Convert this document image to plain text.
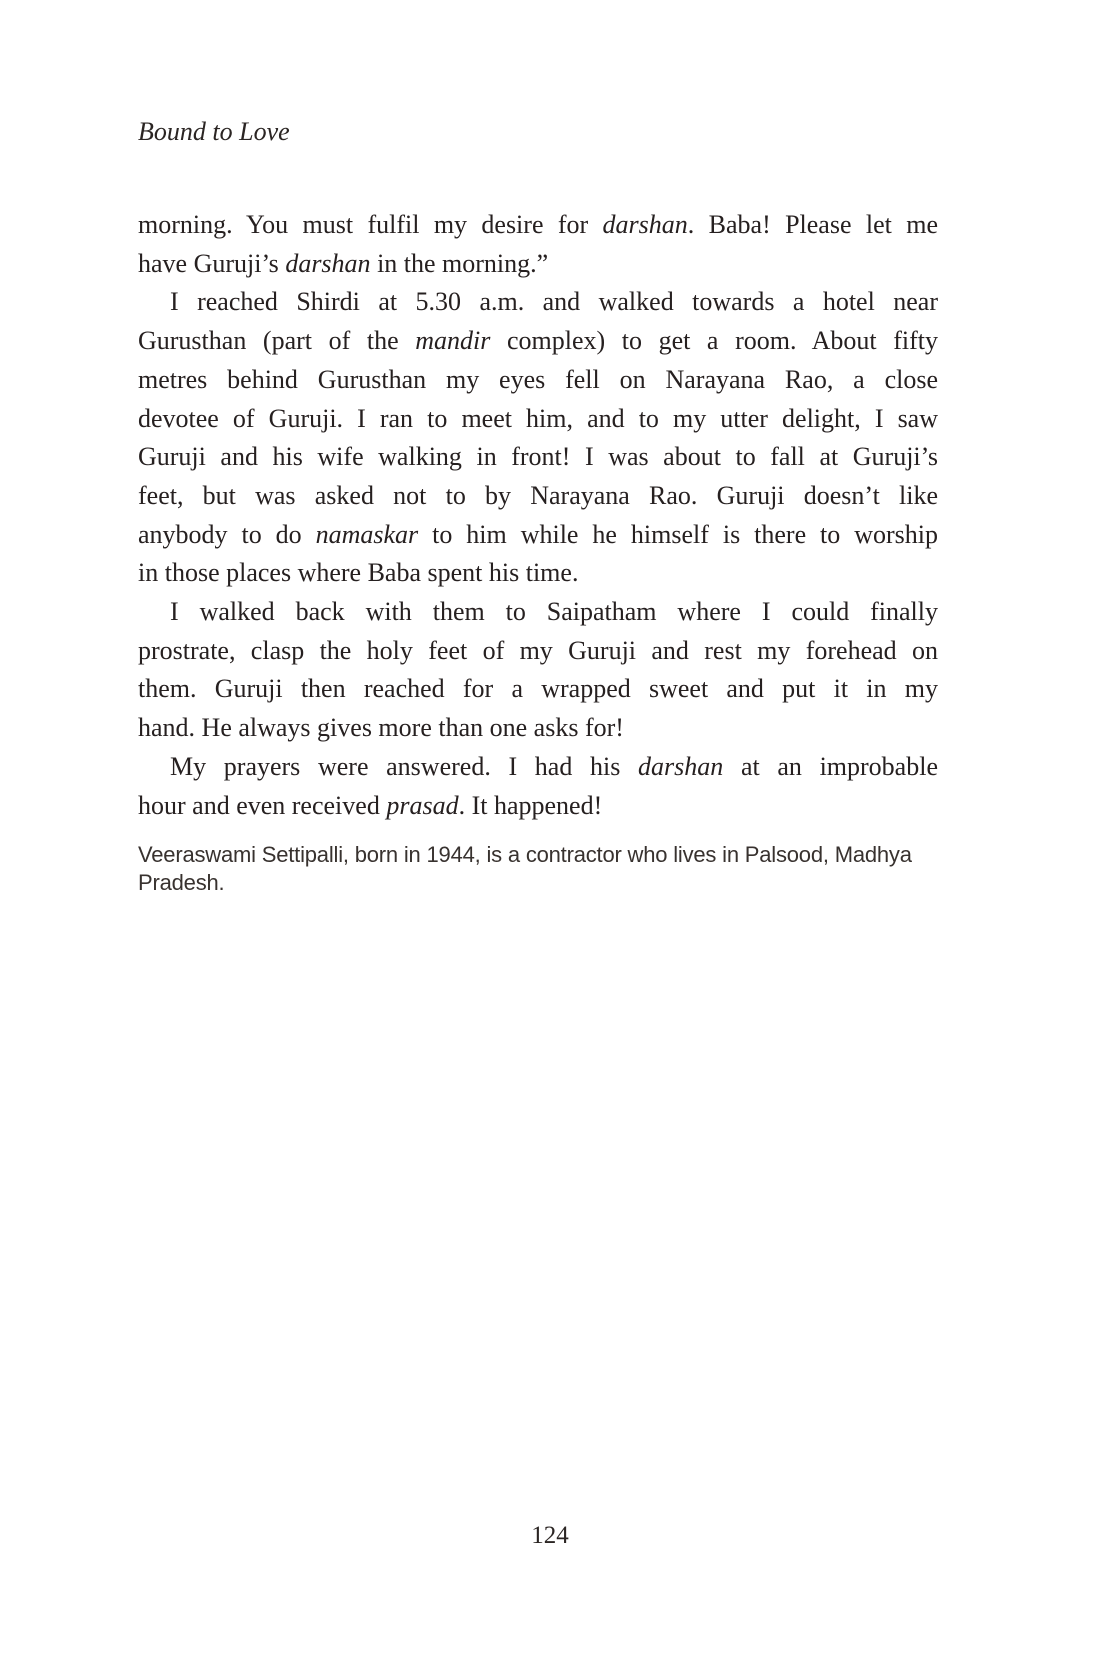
Bound to Love
morning. You must fulfil my desire for darshan. Baba! Please let me
have Guruji’s darshan in the morning.”
I reached Shirdi at 5.30 a.m. and walked towards a hotel near
Gurusthan (part of the mandir complex) to get a room. About fifty
metres behind Gurusthan my eyes fell on Narayana Rao, a close
devotee of Guruji. I ran to meet him, and to my utter delight, I saw
Guruji and his wife walking in front! I was about to fall at Guruji’s
feet, but was asked not to by Narayana Rao. Guruji doesn’t like
anybody to do namaskar to him while he himself is there to worship
in those places where Baba spent his time.
I walked back with them to Saipatham where I could finally
prostrate, clasp the holy feet of my Guruji and rest my forehead on
them. Guruji then reached for a wrapped sweet and put it in my
hand. He always gives more than one asks for!
My prayers were answered. I had his darshan at an improbable
hour and even received prasad. It happened!
Veeraswami Settipalli, born in 1944, is a contractor who lives in Palsood, Madhya Pradesh.
124
